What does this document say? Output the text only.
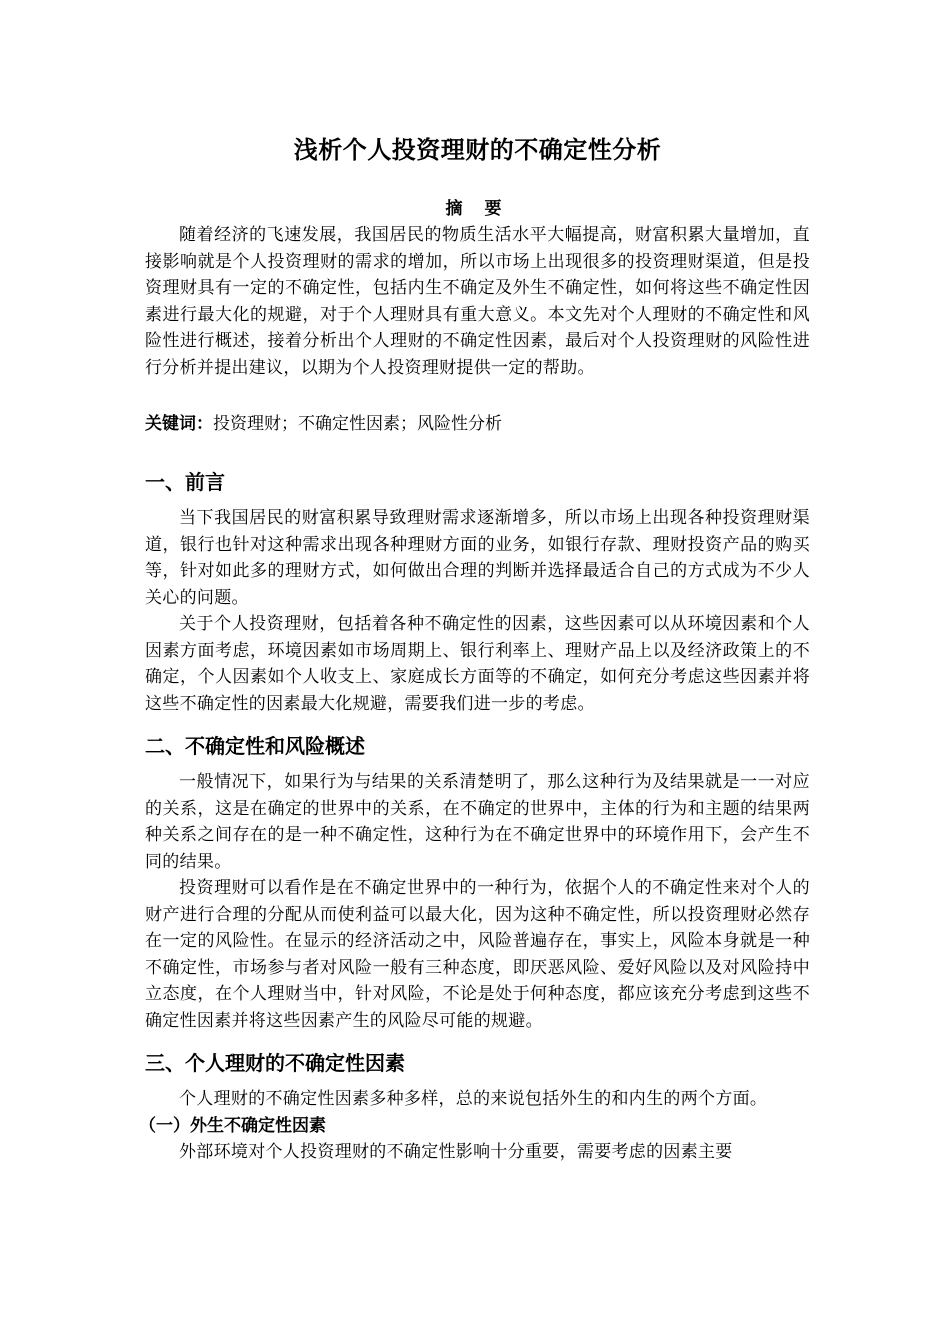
浅析个人投资理财的不确定性分析
摘 要

随着经济的飞速发展，我国居民的物质生活水平大幅提高，财富积累大量增加，直接影响就是个人投资理财的需求的增加，所以市场上出现很多的投资理财渠道，但是投资理财具有一定的不确定性，包括内生不确定及外生不确定性，如何将这些不确定性因素进行最大化的规避，对于个人理财具有重大意义。本文先对个人理财的不确定性和风险性进行概述，接着分析出个人理财的不确定性因素，最后对个人投资理财的风险性进行分析并提出建议，以期为个人投资理财提供一定的帮助。

关键词：投资理财；不确定性因素；风险性分析
一、前言

当下我国居民的财富积累导致理财需求逐渐增多，所以市场上出现各种投资理财渠道，银行也针对这种需求出现各种理财方面的业务，如银行存款、理财投资产品的购买等，针对如此多的理财方式，如何做出合理的判断并选择最适合自己的方式成为不少人关心的问题。

关于个人投资理财，包括着各种不确定性的因素，这些因素可以从环境因素和个人因素方面考虑，环境因素如市场周期上、银行利率上、理财产品上以及经济政策上的不确定，个人因素如个人收支上、家庭成长方面等的不确定，如何充分考虑这些因素并将这些不确定性的因素最大化规避，需要我们进一步的考虑。

二、不确定性和风险概述

一般情况下，如果行为与结果的关系清楚明了，那么这种行为及结果就是一一对应的关系，这是在确定的世界中的关系，在不确定的世界中，主体的行为和主题的结果两种关系之间存在的是一种不确定性，这种行为在不确定世界中的环境作用下，会产生不同的结果。

投资理财可以看作是在不确定世界中的一种行为，依据个人的不确定性来对个人的财产进行合理的分配从而使利益可以最大化，因为这种不确定性，所以投资理财必然存在一定的风险性。在显示的经济活动之中，风险普遍存在，事实上，风险本身就是一种不确定性，市场参与者对风险一般有三种态度，即厌恶风险、爱好风险以及对风险持中立态度，在个人理财当中，针对风险，不论是处于何种态度，都应该充分考虑到这些不确定性因素并将这些因素产生的风险尽可能的规避。

三、个人理财的不确定性因素

个人理财的不确定性因素多种多样，总的来说包括外生的和内生的两个方面。

（一）外生不确定性因素

外部环境对个人投资理财的不确定性影响十分重要，需要考虑的因素主要
